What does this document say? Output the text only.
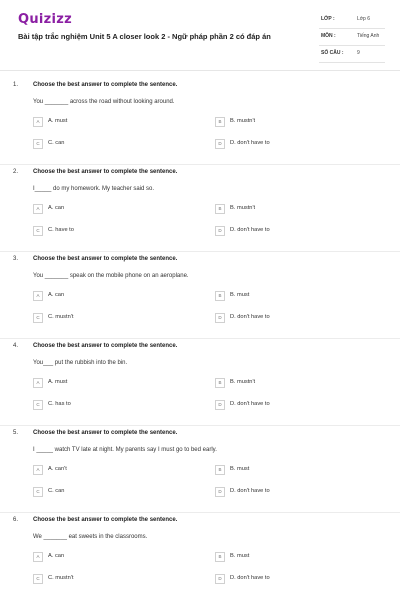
Quizizz
Bài tập trắc nghiệm Unit 5 A closer look 2 - Ngữ pháp phần 2 có đáp án
LỚP :	Lớp 6
MÔN :	Tiếng Anh
SỐ CÂU :	9
1. Choose the best answer to complete the sentence.
You _______ across the road without looking around.
A	A. must	B	B. mustn't
C	C. can	D	D. don't have to
2. Choose the best answer to complete the sentence.
I_____ do my homework. My teacher said so.
A	A. can	B	B. mustn't
C	C. have to	D	D. don't have to
3. Choose the best answer to complete the sentence.
You _______ speak on the mobile phone on an aeroplane.
A	A. can	B	B. must
C	C. mustn't	D	D. don't have to
4. Choose the best answer to complete the sentence.
You___ put the rubbish into the bin.
A	A. must	B	B. mustn't
C	C. has to	D	D. don't have to
5. Choose the best answer to complete the sentence.
I _____ watch TV late at night. My parents say I must go to bed early.
A	A. can't	B	B. must
C	C. can	D	D. don't have to
6. Choose the best answer to complete the sentence.
We _______ eat sweets in the classrooms.
A	A. can	B	B. must
C	C. mustn't	D	D. don't have to
